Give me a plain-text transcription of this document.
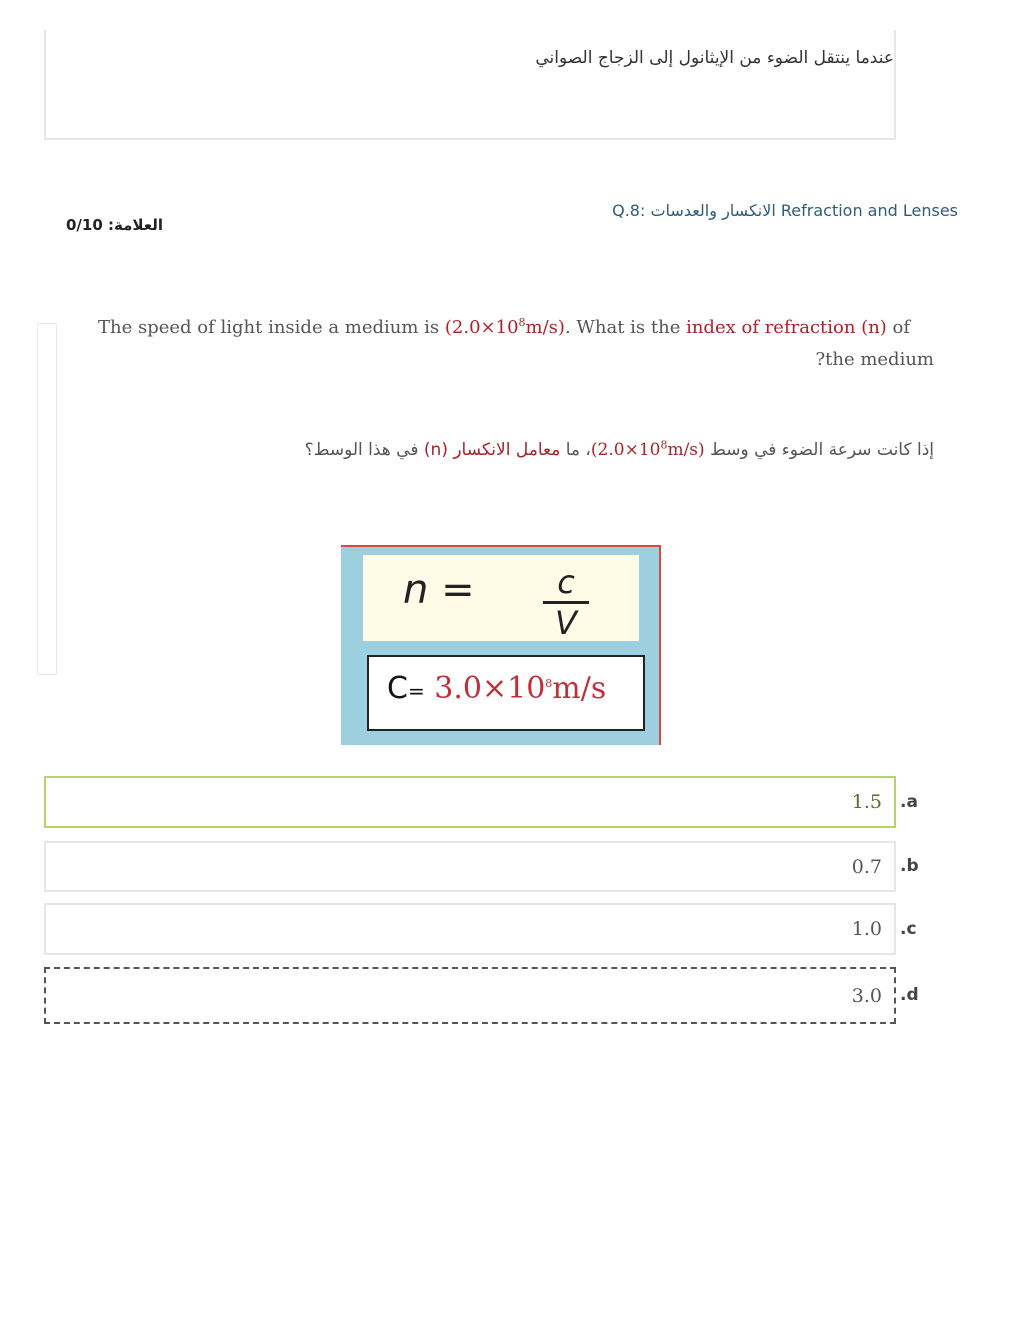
عندما ينتقل الضوء من الإيثانول إلى الزجاج الصواني
Q.8: الانكسار والعدسات Refraction and Lenses
العلامة: 0/10
The speed of light inside a medium is $(2.0\times 10^8m/s)$. What is the index of refraction (n) of
?the medium
إذا كانت سرعة الضوء في وسط $(2.0\times 10^8m/s)،$ ما معامل الانكسار (n) في هذا الوسط؟
n =	c
V
$C= 3.0\times 10^8m/s$
1.5 .a
0.7 .b
1.0 .c
3.0 .d
